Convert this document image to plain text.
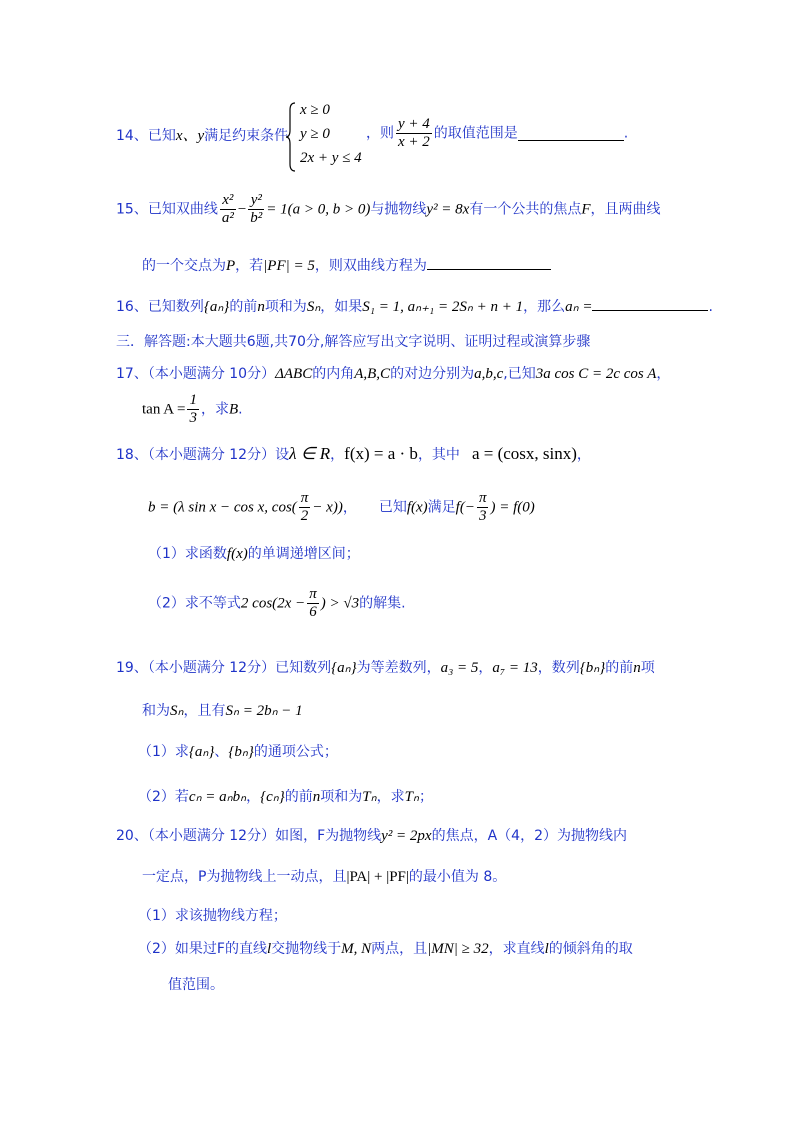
14、已知x、y满足约束条件
x ≥ 0
y ≥ 0
2x + y ≤ 4
，则 $\frac{y + 4}{x + 2}$ 的取值范围是	.
15、已知双曲线 $\frac{\text{x²}}{\text{a²}} - \frac{\text{y²}}{\text{b²}} = 1(a > 0$, b > 0)与抛物线y² = 8x有一个公共的焦点F，且两曲线
的一个交点为P，若|PF| = 5，则双曲线方程为
16、已知数列{aₙ}的前n项和为Sₙ，如果S₁ = 1, aₙ₊₁ = 2Sₙ + n + 1，那么aₙ =	.
三．解答题:本大题共6题,共70分,解答应写出文字说明、证明过程或演算步骤
17、（本小题满分 10分）ΔABC的内角A,B,C的对边分别为a,b,c,已知3a cos C = 2c cos A，
$\tan A = \frac{1}{3}$ ，求B.
18、（本小题满分 12分）设λ ∈ R，f(x) = a · b，其中 a = (cosx, sinx)，
b = (λ sin x − cos x, $\cos( \frac{\pi}{2} - x)$)， 已知f(x)满足$f(- \frac{\pi}{3}$ ) = f(0)
（1）求函数f(x)的单调递增区间；
（2）求不等式2 $\cos(2x - \frac{\pi}{6}$ ) > √3的解集.
19、（本小题满分 12分）已知数列{aₙ}为等差数列，a₃ = 5，a₇ = 13，数列{bₙ}的前n项
和为Sₙ，且有Sₙ = 2bₙ − 1
（1）求{aₙ}、{bₙ}的通项公式；
（2）若cₙ = aₙbₙ，{cₙ}的前n项和为Tₙ，求Tₙ；
20、（本小题满分 12分）如图，F为抛物线y² = 2px的焦点，A（4，2）为抛物线内
一定点，P为抛物线上一动点，且|PA| + |PF|的最小值为 8。
（1）求该抛物线方程；
（2）如果过F的直线l交抛物线于M, N两点，且|MN| ≥ 32，求直线l的倾斜角的取
值范围。
